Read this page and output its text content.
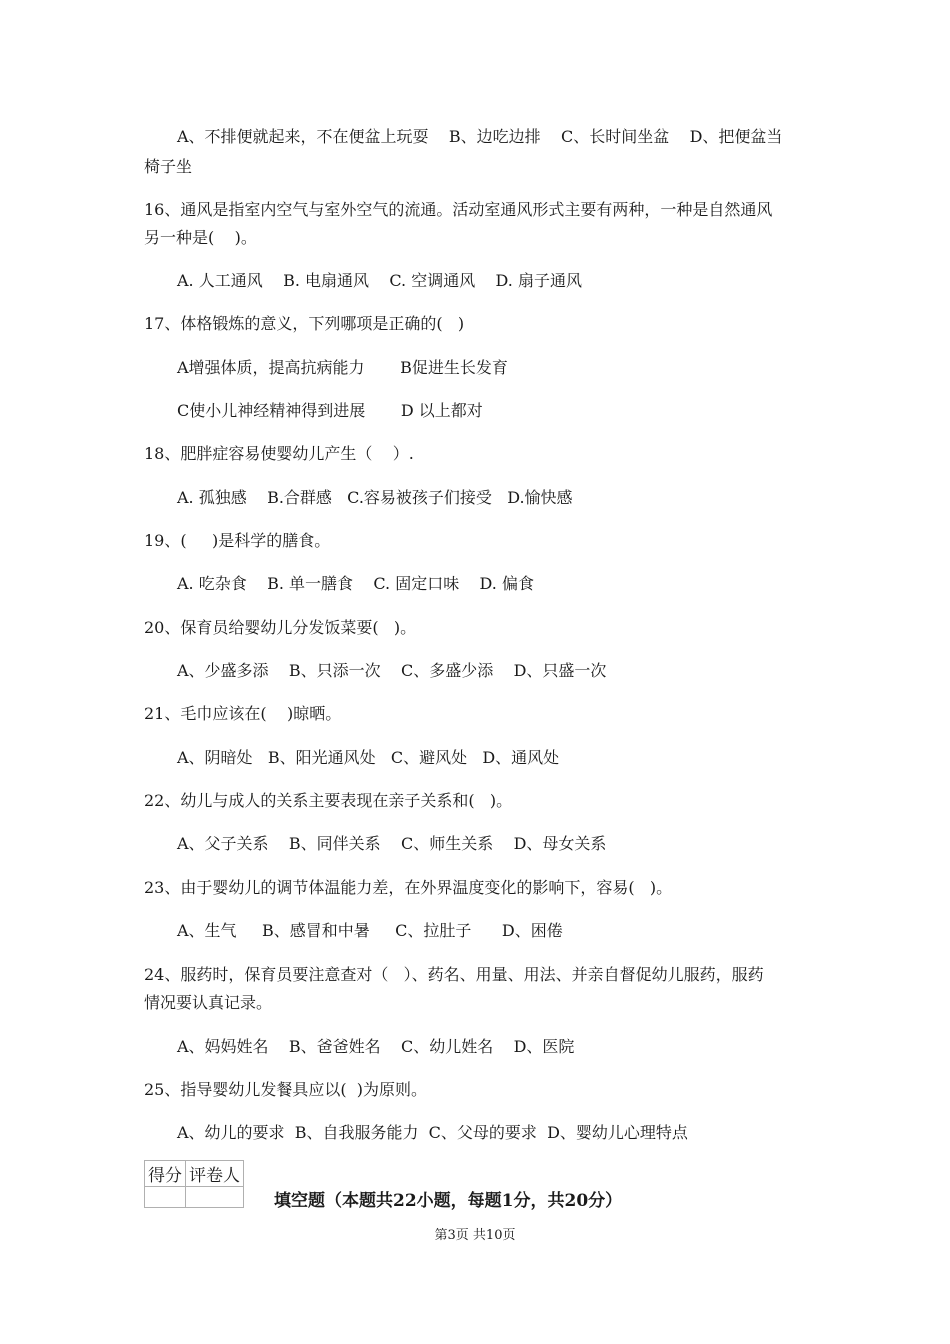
A、不排便就起来，不在便盆上玩耍    B、边吃边排    C、长时间坐盆    D、把便盆当
椅子坐
16、通风是指室内空气与室外空气的流通。活动室通风形式主要有两种，一种是自然通风
另一种是(    )。
A. 人工通风    B. 电扇通风    C. 空调通风    D. 扇子通风
17、体格锻炼的意义，下列哪项是正确的(   )
A增强体质，提高抗病能力       B促进生长发育
C使小儿神经精神得到进展       D 以上都对
18、肥胖症容易使婴幼儿产生（    ）.
A. 孤独感    B.合群感   C.容易被孩子们接受   D.愉快感
19、(     )是科学的膳食。
A. 吃杂食    B. 单一膳食    C. 固定口味    D. 偏食
20、保育员给婴幼儿分发饭菜要(   )。
A、少盛多添    B、只添一次    C、多盛少添    D、只盛一次
21、毛巾应该在(    )晾晒。
A、阴暗处   B、阳光通风处   C、避风处   D、通风处
22、幼儿与成人的关系主要表现在亲子关系和(   )。
A、父子关系    B、同伴关系    C、师生关系    D、母女关系
23、由于婴幼儿的调节体温能力差，在外界温度变化的影响下，容易(   )。
A、生气     B、感冒和中暑     C、拉肚子      D、困倦
24、服药时，保育员要注意查对（   ）、药名、用量、用法、并亲自督促幼儿服药，服药
情况要认真记录。
A、妈妈姓名    B、爸爸姓名    C、幼儿姓名    D、医院
25、指导婴幼儿发餐具应以(  )为原则。
A、幼儿的要求  B、自我服务能力  C、父母的要求  D、婴幼儿心理特点
得分	评卷人

填空题（本题共22小题，每题1分，共20分）
第3页 共10页
